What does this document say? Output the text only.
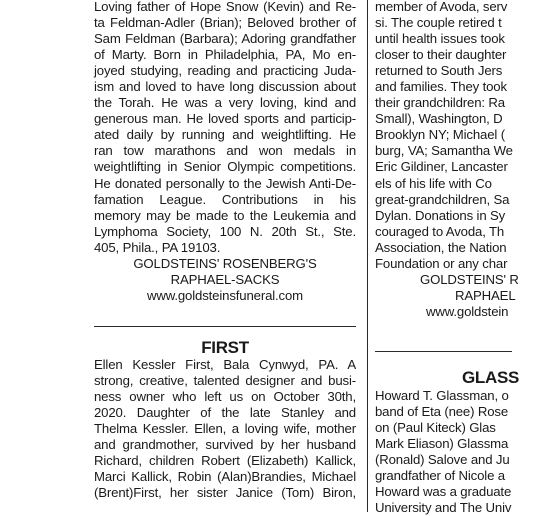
Loving father of Hope Snow (Kevin) and Re-
ta Feldman-Adler (Brian); Beloved brother of
Sam Feldman (Barbara); Adoring grandfather
of Marty. Born in Philadelphia, PA, Mo en-
joyed studying, reading and practicing Juda-
ism and loved to have long discussion about
the Torah. He was a very loving, kind and
generous man. He loved sports and particip-
ated daily by running and weightlifting. He
ran tow marathons and won medals in
weightlifting in Senior Olympic competitions.
He donated personally to the Jewish Anti-De-
famation League. Contributions in his
memory may be made to the Leukemia and
Lymphoma Society, 100 N. 20th St., Ste.
405, Phila., PA 19103.
GOLDSTEINS' ROSENBERG'S
RAPHAEL-SACKS
www.goldsteinsfuneral.com
FIRST
Ellen Kessler First, Bala Cynwyd, PA. A
strong, creative, talented designer and busi-
ness owner who left us on October 30th,
2020. Daughter of the late Stanley and
Thelma Kessler. Ellen, a loving wife, mother
and grandmother, survived by her husband
Richard, children Robert (Elizabeth) Kallick,
Marci Kallick, Robin (Alan)Brandies, Michael
(Brent)First, her sister Janice (Tom) Biron,
member of Avoda, serv
si. The couple retired t
until health issues took
closer to their daughter
returned to South Jers
and families. They took
their grandchildren: Ra
Small), Washington, D
Brooklyn NY; Michael (
burg, VA; Samantha We
Eric Gildiner, Lancaster
els of his life with Co
great-grandchildren, Sa
Dylan. Donations in Sy
couraged to Avoda, Th
Association, the Nation
Foundation or any char
GOLDSTEINS' R
RAPHAEL
www.goldstein
GLASS
Howard T. Glassman, o
band of Eta (nee) Rose
on (Paul Kiteck) Glas
Mark Eliason) Glassma
(Ronald) Salove and Ju
grandfather of Nicole a
Howard was a graduate
University and The Univ
